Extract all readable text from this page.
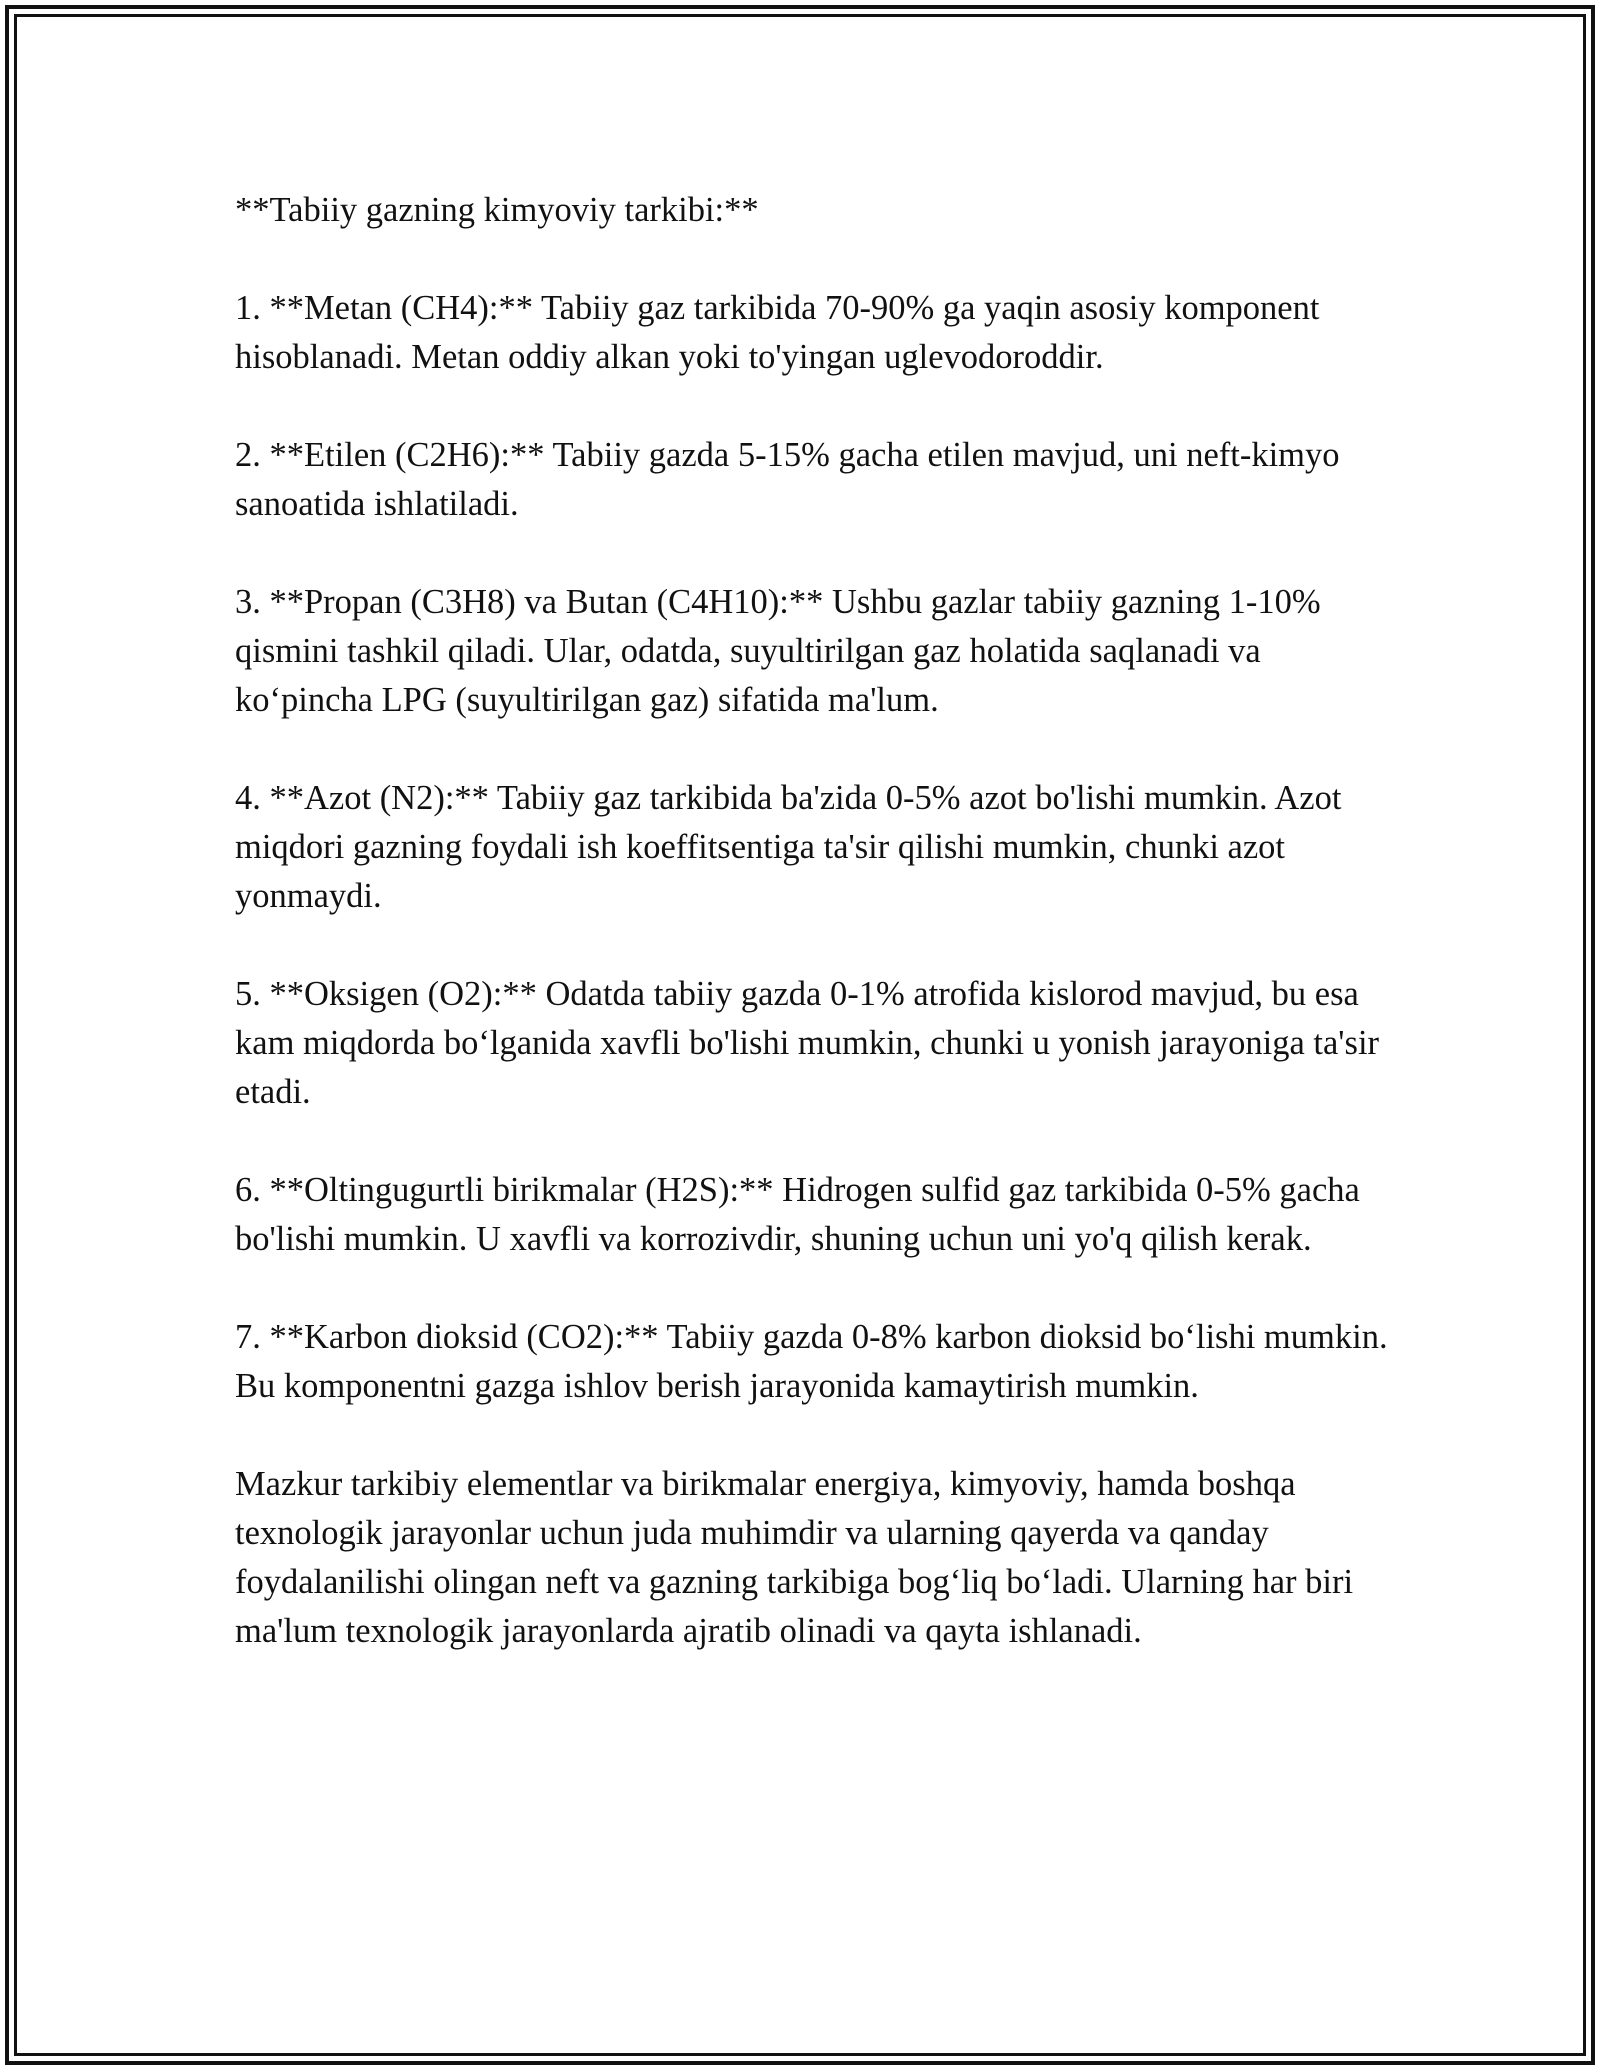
**Tabiiy gazning kimyoviy tarkibi:**

1. **Metan (CH4):** Tabiiy gaz tarkibida 70-90% ga yaqin asosiy komponent hisoblanadi. Metan oddiy alkan yoki to'yingan uglevodoroddir.

2. **Etilen (C2H6):** Tabiiy gazda 5-15% gacha etilen mavjud, uni neft-kimyo sanoatida ishlatiladi.

3. **Propan (C3H8) va Butan (C4H10):** Ushbu gazlar tabiiy gazning 1-10% qismini tashkil qiladi. Ular, odatda, suyultirilgan gaz holatida saqlanadi va ko‘pincha LPG (suyultirilgan gaz) sifatida ma'lum.

4. **Azot (N2):** Tabiiy gaz tarkibida ba'zida 0-5% azot bo'lishi mumkin. Azot miqdori gazning foydali ish koeffitsentiga ta'sir qilishi mumkin, chunki azot yonmaydi.

5. **Oksigen (O2):** Odatda tabiiy gazda 0-1% atrofida kislorod mavjud, bu esa kam miqdorda bo‘lganida xavfli bo'lishi mumkin, chunki u yonish jarayoniga ta'sir etadi.

6. **Oltingugurtli birikmalar (H2S):** Hidrogen sulfid gaz tarkibida 0-5% gacha bo'lishi mumkin. U xavfli va korrozivdir, shuning uchun uni yo'q qilish kerak.

7. **Karbon dioksid (CO2):** Tabiiy gazda 0-8% karbon dioksid bo‘lishi mumkin. Bu komponentni gazga ishlov berish jarayonida kamaytirish mumkin.

Mazkur tarkibiy elementlar va birikmalar energiya, kimyoviy, hamda boshqa texnologik jarayonlar uchun juda muhimdir va ularning qayerda va qanday foydalanilishi olingan neft va gazning tarkibiga bog‘liq bo‘ladi. Ularning har biri ma'lum texnologik jarayonlarda ajratib olinadi va qayta ishlanadi.
